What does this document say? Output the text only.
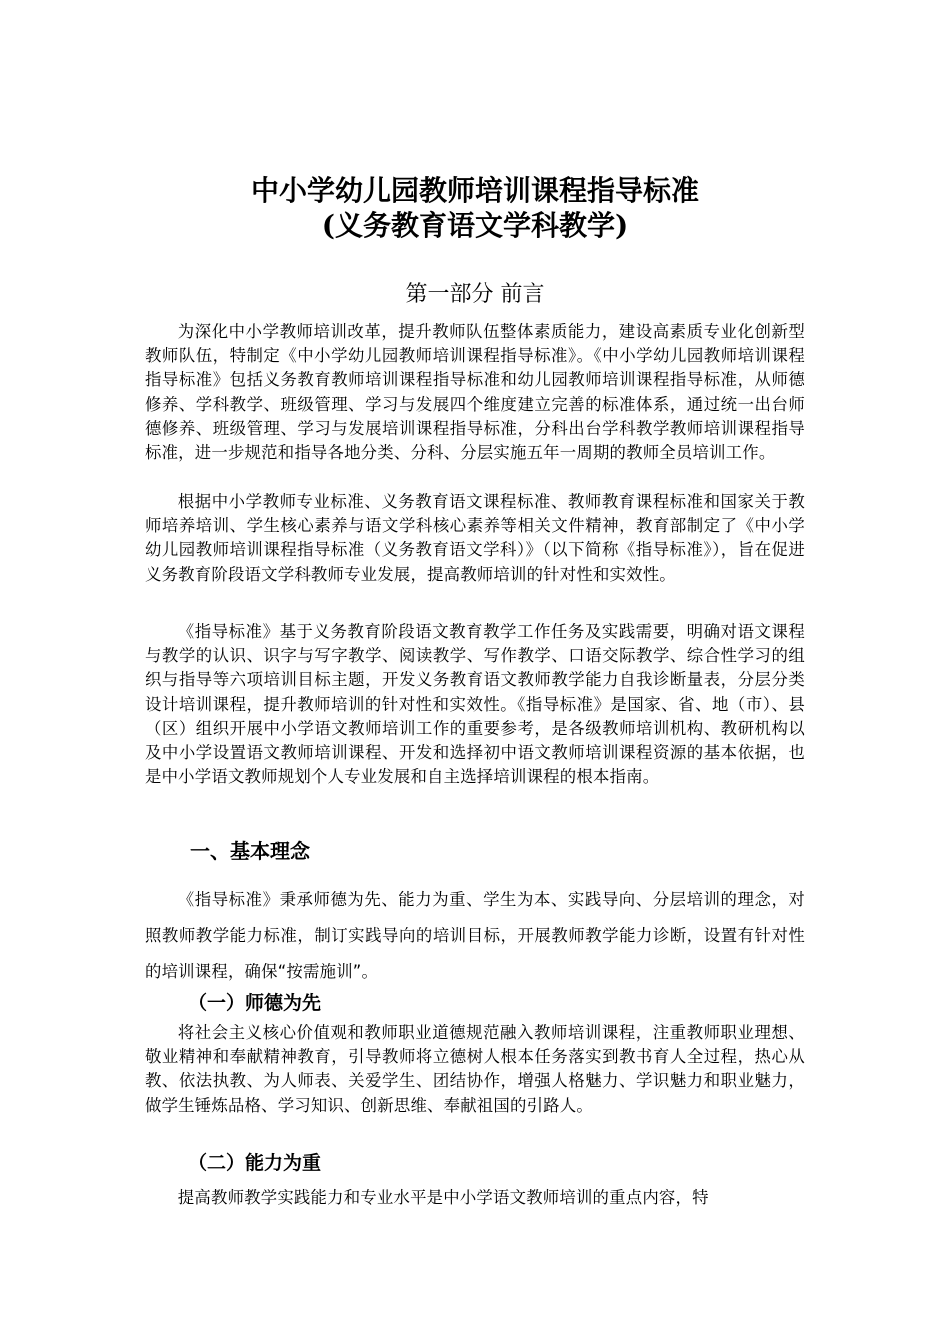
中小学幼儿园教师培训课程指导标准
(义务教育语文学科教学)
第一部分 前言
为深化中小学教师培训改革，提升教师队伍整体素质能力，建设高素质专业化创新型教师队伍，特制定《中小学幼儿园教师培训课程指导标准》。《中小学幼儿园教师培训课程指导标准》包括义务教育教师培训课程指导标准和幼儿园教师培训课程指导标准，从师德修养、学科教学、班级管理、学习与发展四个维度建立完善的标准体系，通过统一出台师德修养、班级管理、学习与发展培训课程指导标准，分科出台学科教学教师培训课程指导标准，进一步规范和指导各地分类、分科、分层实施五年一周期的教师全员培训工作。
根据中小学教师专业标准、义务教育语文课程标准、教师教育课程标准和国家关于教师培养培训、学生核心素养与语文学科核心素养等相关文件精神，教育部制定了《中小学幼儿园教师培训课程指导标准（义务教育语文学科）》（以下简称《指导标准》），旨在促进义务教育阶段语文学科教师专业发展，提高教师培训的针对性和实效性。
《指导标准》基于义务教育阶段语文教育教学工作任务及实践需要，明确对语文课程与教学的认识、识字与写字教学、阅读教学、写作教学、口语交际教学、综合性学习的组织与指导等六项培训目标主题，开发义务教育语文教师教学能力自我诊断量表，分层分类设计培训课程，提升教师培训的针对性和实效性。《指导标准》是国家、省、地（市）、县（区）组织开展中小学语文教师培训工作的重要参考，是各级教师培训机构、教研机构以及中小学设置语文教师培训课程、开发和选择初中语文教师培训课程资源的基本依据，也是中小学语文教师规划个人专业发展和自主选择培训课程的根本指南。
一、基本理念
《指导标准》秉承师德为先、能力为重、学生为本、实践导向、分层培训的理念，对照教师教学能力标准，制订实践导向的培训目标，开展教师教学能力诊断，设置有针对性的培训课程，确保“按需施训”。
（一）师德为先
将社会主义核心价值观和教师职业道德规范融入教师培训课程，注重教师职业理想、敬业精神和奉献精神教育，引导教师将立德树人根本任务落实到教书育人全过程，热心从教、依法执教、为人师表、关爱学生、团结协作，增强人格魅力、学识魅力和职业魅力，做学生锤炼品格、学习知识、创新思维、奉献祖国的引路人。
（二）能力为重
提高教师教学实践能力和专业水平是中小学语文教师培训的重点内容，特
